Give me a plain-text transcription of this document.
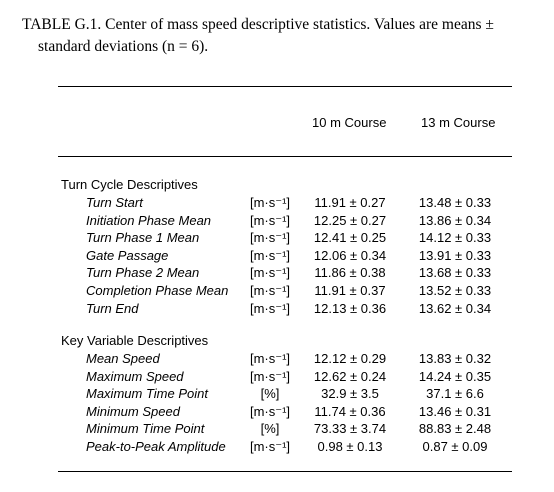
TABLE G.1. Center of mass speed descriptive statistics. Values are means ±
standard deviations (n = 6).
10 m Course	13 m Course
Turn Cycle Descriptives
Turn Start	[m·s⁻¹]	11.91 ± 0.27	13.48 ± 0.33
Initiation Phase Mean	[m·s⁻¹]	12.25 ± 0.27	13.86 ± 0.34
Turn Phase 1 Mean	[m·s⁻¹]	12.41 ± 0.25	14.12 ± 0.33
Gate Passage	[m·s⁻¹]	12.06 ± 0.34	13.91 ± 0.33
Turn Phase 2 Mean	[m·s⁻¹]	11.86 ± 0.38	13.68 ± 0.33
Completion Phase Mean [m·s⁻¹]	11.91 ± 0.37	13.52 ± 0.33
Turn End	[m·s⁻¹]	12.13 ± 0.36	13.62 ± 0.34
Key Variable Descriptives
Mean Speed	[m·s⁻¹]	12.12 ± 0.29	13.83 ± 0.32
Maximum Speed	[m·s⁻¹]	12.62 ± 0.24	14.24 ± 0.35
Maximum Time Point	[%]	32.9 ± 3.5	37.1 ± 6.6
Minimum Speed	[m·s⁻¹]	11.74 ± 0.36	13.46 ± 0.31
Minimum Time Point	[%]	73.33 ± 3.74	88.83 ± 2.48
Peak-to-Peak Amplitude [m·s⁻¹]	0.98 ± 0.13	0.87 ± 0.09
